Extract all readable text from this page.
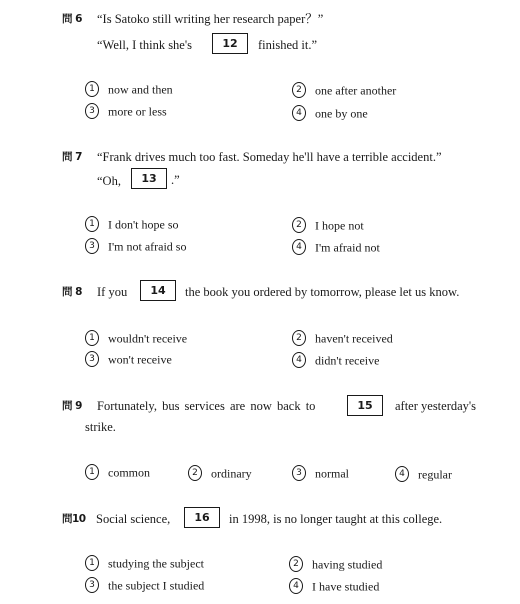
問 6 “Is Satoko still writing her research paper？”
“Well, I think she's	12	finished it.”
1 now and then	2 one after another
3 more or less	4 one by one
問 7 “Frank drives much too fast. Someday he'll have a terrible accident.”
“Oh,	13	.”
1 I don't hope so	2 I hope not
3 I'm not afraid so	4 I'm afraid not
問 8 If you	14	the book you ordered by tomorrow, please let us know.
1 wouldn't receive	2 haven't received
3 won't receive	4 didn't receive
問 9 Fortunately, bus services are now back to	15	after yesterday's
strike.
1 common	2 ordinary	3 normal	4 regular
問10 Social science,	16	in 1998, is no longer taught at this college.
1 studying the subject	2 having studied
3 the subject I studied	4 I have studied
